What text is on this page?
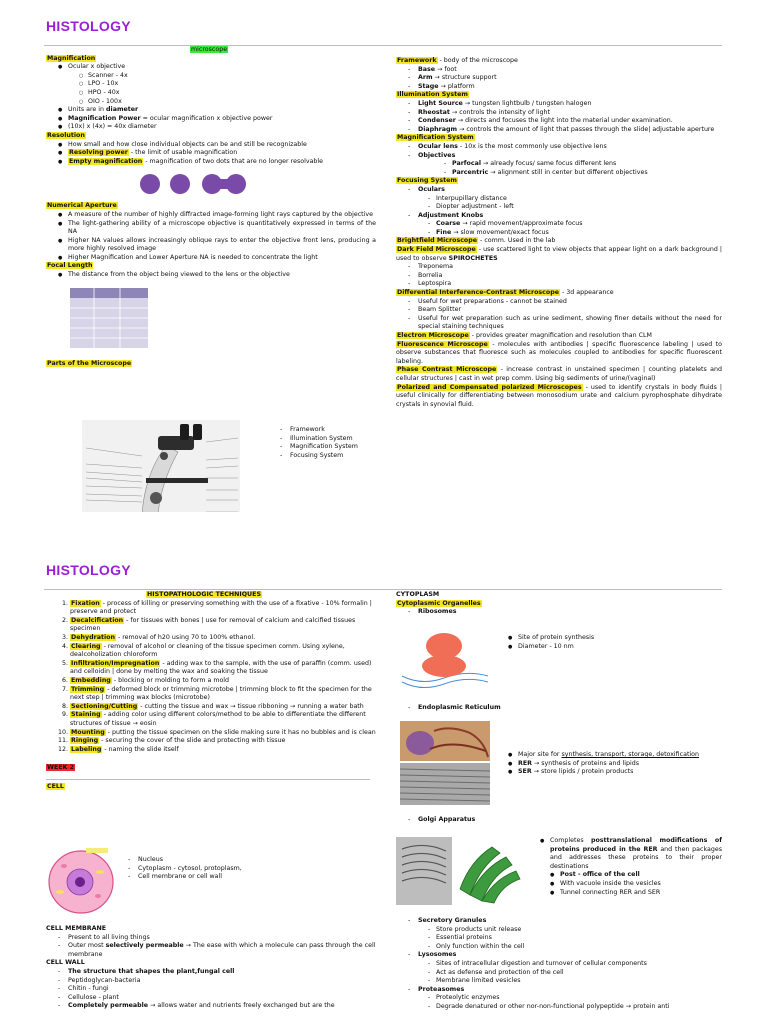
HISTOLOGY
microscope
Magnification
● Ocular x objective
○ Scanner - 4x
○ LPO - 10x
○ HPO - 40x
○ OIO - 100x
● Units are in diameter
● Magnification Power = ocular magnification x objective power
● (10x) x (4x) = 40x diameter
Resolution
● How small and how close individual objects can be and still be recognizable
● Resolving power - the limit of usable magnification
● Empty magnification - magnification of two dots that are no longer resolvable
Numerical Aperture
● A measure of the number of highly diffracted image-forming light rays captured by the objective
● The light-gathering ability of a microscope objective is quantitatively expressed in terms of the NA
● Higher NA values allows increasingly oblique rays to enter the objective front lens, producing a more highly resolved image
● Higher Magnification and Lower Aperture NA is needed to concentrate the light
Focal Length
● The distance from the object being viewed to the lens or the objective
Parts of the Microscope
- Framework
- Illumination System
- Magnification System
- Focusing System
Framework - body of the microscope
- Base → foot
- Arm → structure support
- Stage → platform
Illumination System
- Light Source → tungsten lightbulb / tungsten halogen
- Rheostat → controls the intensity of light
- Condenser → directs and focuses the light into the material under examination.
- Diaphragm → controls the amount of light that passes through the slide| adjustable aperture
Magnification System
- Ocular lens - 10x is the most commonly use objective lens
- Objectives
- Parfocal → already focus/ same focus different lens
- Parcentric → alignment still in center but different objectives
Focusing System
- Oculars
- Interpupillary distance
- Diopter adjustment - left
- Adjustment Knobs
- Coarse → rapid movement/approximate focus
- Fine → slow movement/exact focus
Brightfield Microscope - comm. Used in the lab
Dark Field Microscope - use scattered light to view objects that appear light on a dark background | used to observe SPIROCHETES
- Treponema
- Borrelia
- Leptospira
Differential Interference-Contrast Microscope - 3d appearance
- Useful for wet preparations - cannot be stained
- Beam Splitter
- Useful for wet preparation such as urine sediment, showing finer details without the need for special staining techniques
Electron Microscope - provides greater magnification and resolution than CLM
Fluorescence Microscope - molecules with antibodies | specific fluorescence labeling | used to observe substances that fluoresce such as molecules coupled to antibodies for specific fluorescent labeling.
Phase Contrast Microscope - increase contrast in unstained specimen | counting platelets and cellular structures | cast in wet prep comm. Using big sediments of urine/(vaginal)
Polarized and Compensated polarized Microscopes - used to identify crystals in body fluids | useful clinically for differentiating between monosodium urate and calcium pyrophosphate dihydrate crystals in synovial fluid.
HISTOLOGY
HISTOPATHOLOGIC TECHNIQUES
1. Fixation - process of killing or preserving something with the use of a fixative - 10% formalin | preserve and protect
2. Decalcification - for tissues with bones | use for removal of calcium and calcified tissues specimen
3. Dehydration - removal of h20 using 70 to 100% ethanol.
4. Clearing - removal of alcohol or cleaning of the tissue specimen comm. Using xylene, dealcoholization chloroform
5. Infiltration/Impregnation - adding wax to the sample, with the use of paraffin (comm. used) and celloidin | done by melting the wax and soaking the tissue
6. Embedding - blocking or molding to form a mold
7. Trimming - deformed block or trimming microtobe | trimming block to fit the specimen for the next step | trimming wax blocks (microtobe)
8. Sectioning/Cutting - cutting the tissue and wax → tissue ribboning → running a water bath
9. Staining - adding color using different colors/method to be able to differentiate the different structures of tissue → eosin
10. Mounting - putting the tissue specimen on the slide making sure it has no bubbles and is clean
11. Ringing - securing the cover of the slide and protecting with tissue
12. Labeling - naming the slide itself
WEEK 2
CELL
- Nucleus
- Cytoplasm - cytosol, protoplasm,
- Cell membrane or cell wall
CELL MEMBRANE
- Present to all living things
- Outer most selectively permeable → The ease with which a molecule can pass through the cell membrane
CELL WALL
- The structure that shapes the plant,fungal cell
- Peptidoglycan-bacteria
- Chitin - fungi
- Cellulose - plant
- Completely permeable → allows water and nutrients freely exchanged but are the
CYTOPLASM
Cytoplasmic Organelles
- Ribosomes
● Site of protein synthesis
● Diameter - 10 nm
- Endoplasmic Reticulum
● Major site for synthesis, transport, storage, detoxification
● RER → synthesis of proteins and lipids
● SER → store lipids / protein products
- Golgi Apparatus
● Completes posttranslational modifications of proteins produced in the RER and then packages and addresses these proteins to their proper destinations
● Post - office of the cell
● With vacuole inside the vesicles
● Tunnel connecting RER and SER
- Secretory Granules
- Store products unit release
- Essential proteins
- Only function within the cell
- Lysosomes
- Sites of intracellular digestion and turnover of cellular components
- Act as defense and protection of the cell
- Membrane limited vesicles
- Proteasomes
- Proteolytic enzymes
- Degrade denatured or other nor-non-functional polypeptide → protein anti
